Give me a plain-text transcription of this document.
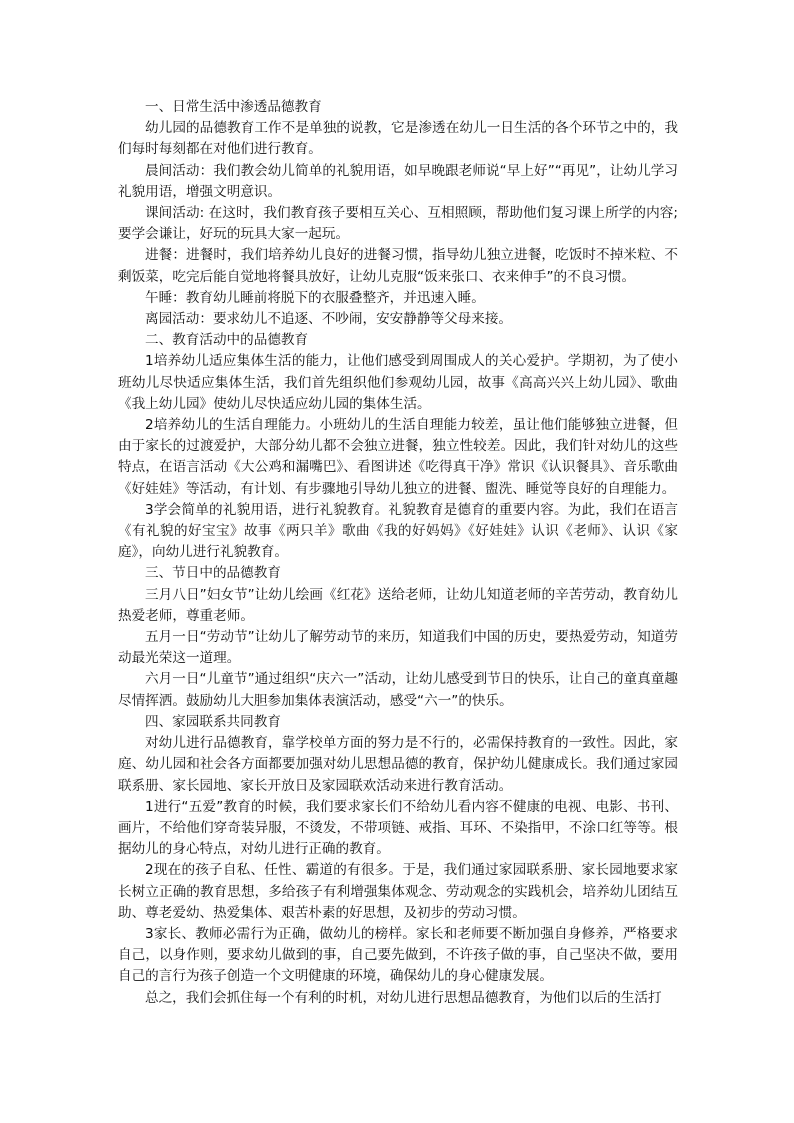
一、日常生活中渗透品德教育

幼儿园的品德教育工作不是单独的说教，它是渗透在幼儿一日生活的各个环节之中的，我们每时每刻都在对他们进行教育。

晨间活动：我们教会幼儿简单的礼貌用语，如早晚跟老师说“早上好”“再见”，让幼儿学习礼貌用语，增强文明意识。

课间活动: 在这时，我们教育孩子要相互关心、互相照顾，帮助他们复习课上所学的内容;要学会谦让，好玩的玩具大家一起玩。

进餐：进餐时，我们培养幼儿良好的进餐习惯，指导幼儿独立进餐，吃饭时不掉米粒、不剩饭菜，吃完后能自觉地将餐具放好，让幼儿克服“饭来张口、衣来伸手”的不良习惯。

午睡：教育幼儿睡前将脱下的衣服叠整齐，并迅速入睡。

离园活动：要求幼儿不追逐、不吵闹，安安静静等父母来接。

二、教育活动中的品德教育

1培养幼儿适应集体生活的能力，让他们感受到周围成人的关心爱护。学期初，为了使小班幼儿尽快适应集体生活，我们首先组织他们参观幼儿园，故事《高高兴兴上幼儿园》、歌曲《我上幼儿园》使幼儿尽快适应幼儿园的集体生活。

2培养幼儿的生活自理能力。小班幼儿的生活自理能力较差，虽让他们能够独立进餐，但由于家长的过渡爱护，大部分幼儿都不会独立进餐，独立性较差。因此，我们针对幼儿的这些特点，在语言活动《大公鸡和漏嘴巴》、看图讲述《吃得真干净》常识《认识餐具》、音乐歌曲《好娃娃》等活动，有计划、有步骤地引导幼儿独立的进餐、盥洗、睡觉等良好的自理能力。

3学会简单的礼貌用语，进行礼貌教育。礼貌教育是德育的重要内容。为此，我们在语言《有礼貌的好宝宝》故事《两只羊》歌曲《我的好妈妈》《好娃娃》认识《老师》、认识《家庭》，向幼儿进行礼貌教育。

三、节日中的品德教育

三月八日”妇女节”让幼儿绘画《红花》送给老师，让幼儿知道老师的辛苦劳动，教育幼儿热爱老师，尊重老师。

五月一日“劳动节”让幼儿了解劳动节的来历，知道我们中国的历史，要热爱劳动，知道劳动最光荣这一道理。

六月一日“儿童节”通过组织“庆六一”活动，让幼儿感受到节日的快乐，让自己的童真童趣尽情挥洒。鼓励幼儿大胆参加集体表演活动，感受“六一”的快乐。

四、家园联系共同教育

对幼儿进行品德教育，靠学校单方面的努力是不行的，必需保持教育的一致性。因此，家庭、幼儿园和社会各方面都要加强对幼儿思想品德的教育，保护幼儿健康成长。我们通过家园联系册、家长园地、家长开放日及家园联欢活动来进行教育活动。

1进行“五爱”教育的时候，我们要求家长们不给幼儿看内容不健康的电视、电影、书刊、画片，不给他们穿奇装异服，不烫发，不带项链、戒指、耳环、不染指甲，不涂口红等等。根据幼儿的身心特点，对幼儿进行正确的教育。

2现在的孩子自私、任性、霸道的有很多。于是，我们通过家园联系册、家长园地要求家长树立正确的教育思想，多给孩子有利增强集体观念、劳动观念的实践机会，培养幼儿团结互助、尊老爱幼、热爱集体、艰苦朴素的好思想，及初步的劳动习惯。

3家长、教师必需行为正确，做幼儿的榜样。家长和老师要不断加强自身修养，严格要求自己，以身作则，要求幼儿做到的事，自己要先做到，不许孩子做的事，自己坚决不做，要用自己的言行为孩子创造一个文明健康的环境，确保幼儿的身心健康发展。

总之，我们会抓住每一个有利的时机，对幼儿进行思想品德教育，为他们以后的生活打
